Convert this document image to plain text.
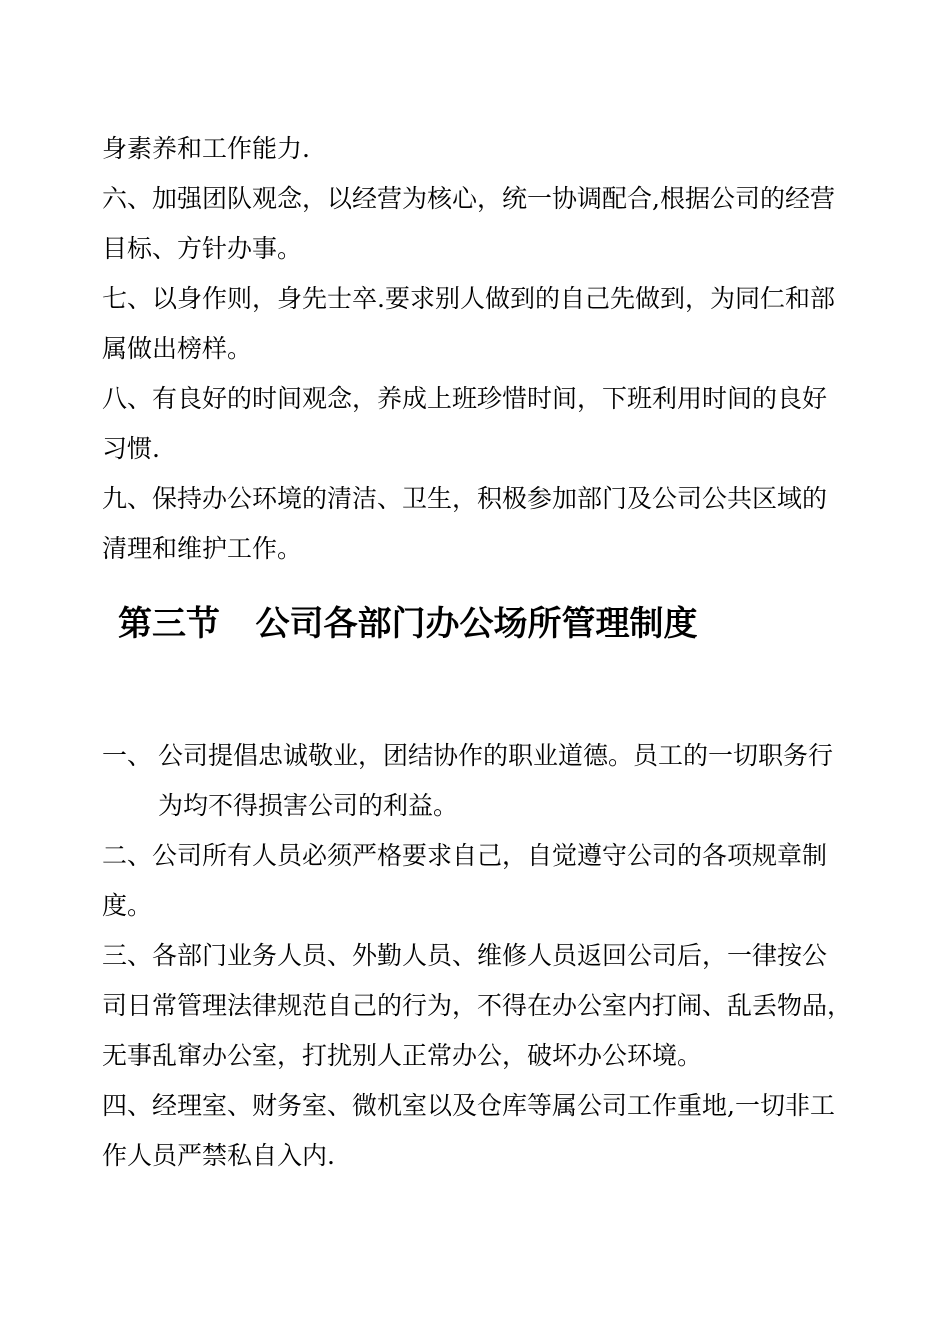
身素养和工作能力.
六、加强团队观念，以经营为核心，统一协调配合,根据公司的经营
目标、方针办事。
七、以身作则，身先士卒.要求别人做到的自己先做到，为同仁和部
属做出榜样。
八、有良好的时间观念，养成上班珍惜时间，下班利用时间的良好
习惯.
九、保持办公环境的清洁、卫生，积极参加部门及公司公共区域的
清理和维护工作。
第三节   公司各部门办公场所管理制度
一、 公司提倡忠诚敬业，团结协作的职业道德。员工的一切职务行
为均不得损害公司的利益。
二、公司所有人员必须严格要求自己，自觉遵守公司的各项规章制
度。
三、各部门业务人员、外勤人员、维修人员返回公司后，一律按公
司日常管理法律规范自己的行为，不得在办公室内打闹、乱丢物品，
无事乱窜办公室，打扰别人正常办公，破坏办公环境。
四、经理室、财务室、微机室以及仓库等属公司工作重地,一切非工
作人员严禁私自入内.
